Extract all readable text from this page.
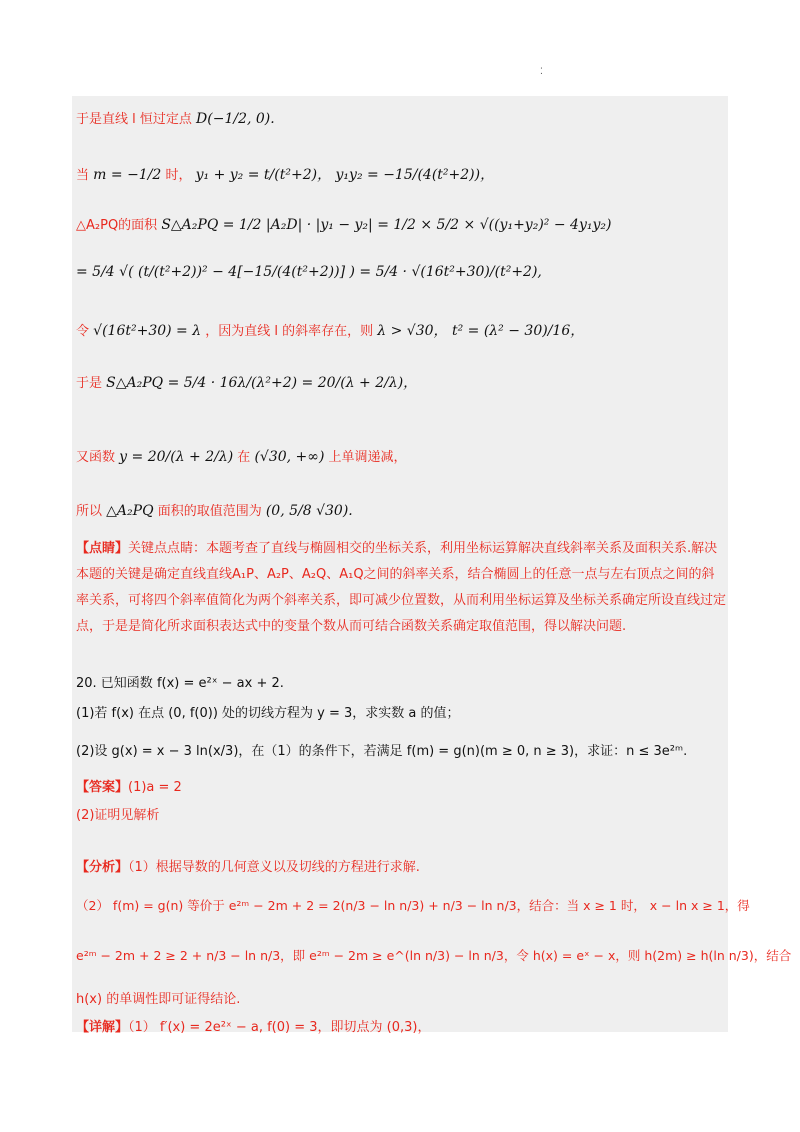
⁚
于是直线 l 恒过定点 D(−1/2, 0).
当 m = −1/2 时， y₁ + y₂ = t/(t²+2)， y₁y₂ = −15/(4(t²+2))，
△A₂PQ的面积 S△A₂PQ = 1/2 |A₂D| · |y₁ − y₂| = 1/2 × 5/2 × √((y₁+y₂)² − 4y₁y₂)
= 5/4 √( (t/(t²+2))² − 4[−15/(4(t²+2))] ) = 5/4 · √(16t²+30)/(t²+2),
令 √(16t²+30) = λ ，因为直线 l 的斜率存在，则 λ > √30， t² = (λ² − 30)/16，
于是 S△A₂PQ = 5/4 · 16λ/(λ²+2) = 20/(λ + 2/λ)，
又函数 y = 20/(λ + 2/λ) 在 (√30, +∞) 上单调递减，
所以 △A₂PQ 面积的取值范围为 (0, 5/8 √30).
【点睛】关键点点睛：本题考查了直线与椭圆相交的坐标关系，利用坐标运算解决直线斜率关系及面积关系.解决本题的关键是确定直线直线A₁P、A₂P、A₂Q、A₁Q之间的斜率关系，结合椭圆上的任意一点与左右顶点之间的斜率关系，可将四个斜率值简化为两个斜率关系，即可减少位置数，从而利用坐标运算及坐标关系确定所设直线过定点，于是是简化所求面积表达式中的变量个数从而可结合函数关系确定取值范围，得以解决问题.
20. 已知函数 f(x) = e²ˣ − ax + 2.
(1)若 f(x) 在点 (0, f(0)) 处的切线方程为 y = 3，求实数 a 的值；
(2)设 g(x) = x − 3 ln(x/3)，在（1）的条件下，若满足 f(m) = g(n)(m ≥ 0, n ≥ 3)，求证：n ≤ 3e²ᵐ.
【答案】(1)a = 2
(2)证明见解析
【分析】（1）根据导数的几何意义以及切线的方程进行求解.
（2） f(m) = g(n) 等价于 e²ᵐ − 2m + 2 = 2(n/3 − ln n/3) + n/3 − ln n/3，结合：当 x ≥ 1 时， x − ln x ≥ 1，得
e²ᵐ − 2m + 2 ≥ 2 + n/3 − ln n/3，即 e²ᵐ − 2m ≥ e^(ln n/3) − ln n/3，令 h(x) = eˣ − x，则 h(2m) ≥ h(ln n/3)，结合
h(x) 的单调性即可证得结论.
【详解】（1） f′(x) = 2e²ˣ − a, f(0) = 3，即切点为 (0,3)，
